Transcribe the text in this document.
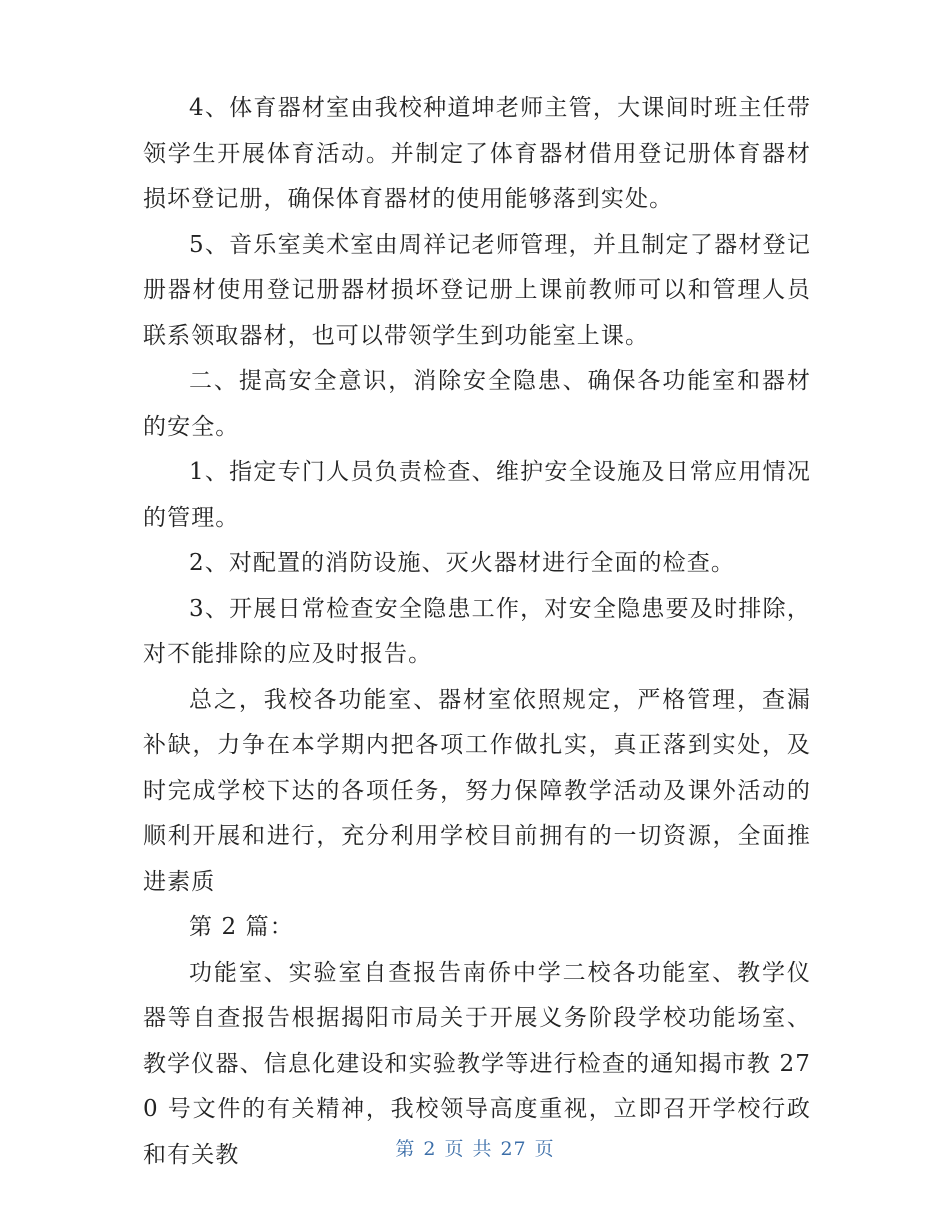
4、体育器材室由我校种道坤老师主管，大课间时班主任带领学生开展体育活动。并制定了体育器材借用登记册体育器材损坏登记册，确保体育器材的使用能够落到实处。

5、音乐室美术室由周祥记老师管理，并且制定了器材登记册器材使用登记册器材损坏登记册上课前教师可以和管理人员联系领取器材，也可以带领学生到功能室上课。

二、提高安全意识，消除安全隐患、确保各功能室和器材的安全。

1、指定专门人员负责检查、维护安全设施及日常应用情况的管理。

2、对配置的消防设施、灭火器材进行全面的检查。

3、开展日常检查安全隐患工作，对安全隐患要及时排除，对不能排除的应及时报告。

总之，我校各功能室、器材室依照规定，严格管理，查漏补缺，力争在本学期内把各项工作做扎实，真正落到实处，及时完成学校下达的各项任务，努力保障教学活动及课外活动的顺利开展和进行，充分利用学校目前拥有的一切资源，全面推进素质

第 2 篇：

功能室、实验室自查报告南侨中学二校各功能室、教学仪器等自查报告根据揭阳市局关于开展义务阶段学校功能场室、教学仪器、信息化建设和实验教学等进行检查的通知揭市教 270 号文件的有关精神，我校领导高度重视，立即召开学校行政和有关教	第 2 页 共 27 页
